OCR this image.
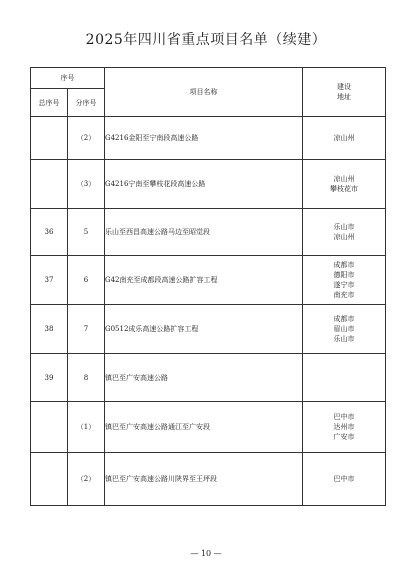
2025年四川省重点项目名单（续建）
序号		项目名称	建设地址
总序号	分序号		
	（2）	G4216金阳至宁南段高速公路	凉山州

	（3）	G4216宁南至攀枝花段高速公路	凉山州
攀枝花市

36	5	乐山至西昌高速公路马边至昭觉段	乐山市
凉山州

37	6	G42南充至成都段高速公路扩容工程	成都市
德阳市
遂宁市
南充市

38	7	G0512成乐高速公路扩容工程	成都市
眉山市
乐山市

39	8	镇巴至广安高速公路	
	（1）	镇巴至广安高速公路通江至广安段	巴中市
达州市
广安市

	（2）	镇巴至广安高速公路川陕界至王坪段	巴中市
— 10 —
